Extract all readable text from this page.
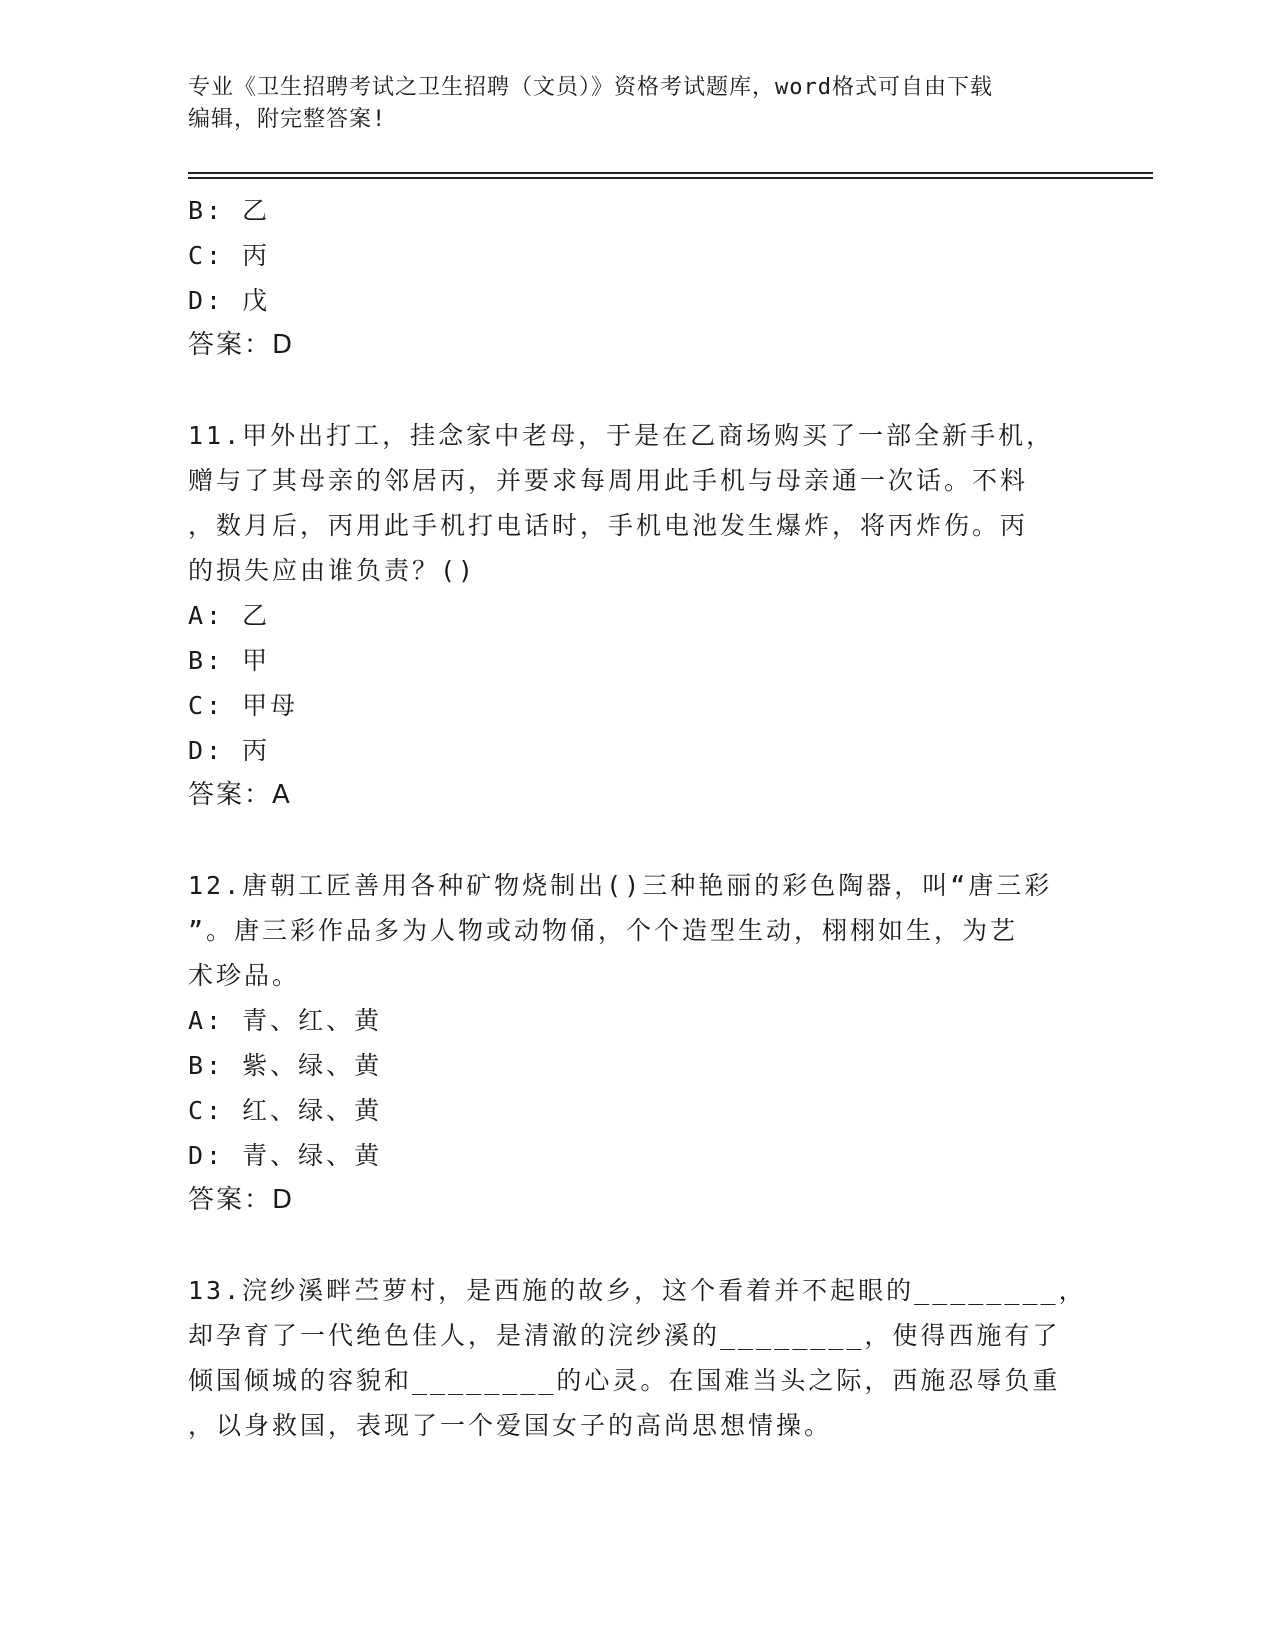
专业《卫生招聘考试之卫生招聘（文员）》资格考试题库，word格式可自由下载
编辑，附完整答案!
B: 乙
C: 丙
D: 戊
答案：D
11.甲外出打工，挂念家中老母，于是在乙商场购买了一部全新手机，
赠与了其母亲的邻居丙，并要求每周用此手机与母亲通一次话。不料
，数月后，丙用此手机打电话时，手机电池发生爆炸，将丙炸伤。丙
的损失应由谁负责？()
A: 乙
B: 甲
C: 甲母
D: 丙
答案：A
12.唐朝工匠善用各种矿物烧制出()三种艳丽的彩色陶器，叫“唐三彩
”。唐三彩作品多为人物或动物俑，个个造型生动，栩栩如生，为艺
术珍品。
A: 青、红、黄
B: 紫、绿、黄
C: 红、绿、黄
D: 青、绿、黄
答案：D
13.浣纱溪畔苎萝村，是西施的故乡，这个看着并不起眼的________，
却孕育了一代绝色佳人，是清澈的浣纱溪的________，使得西施有了
倾国倾城的容貌和________的心灵。在国难当头之际，西施忍辱负重
，以身救国，表现了一个爱国女子的高尚思想情操。
